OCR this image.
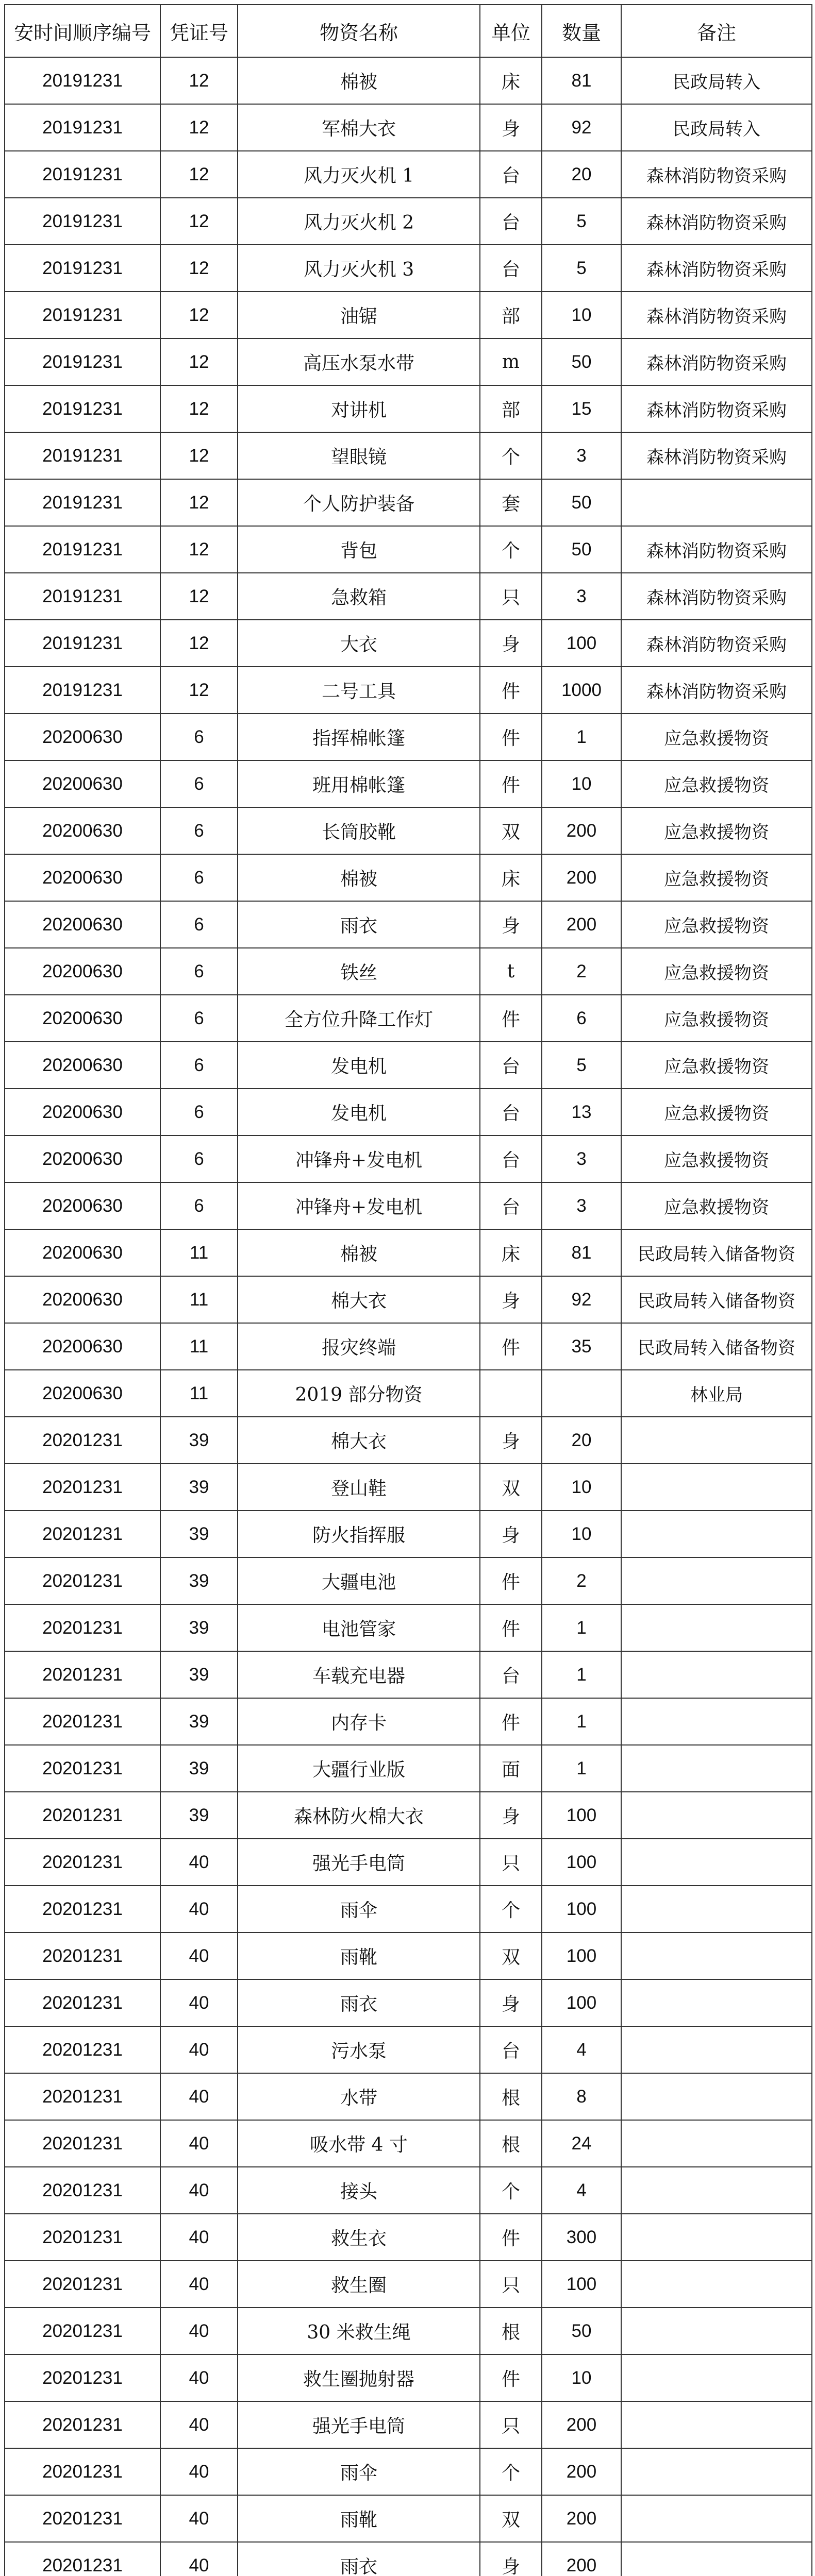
安时间顺序编号	凭证号	物资名称	单位	数量	备注
20191231	12	棉被	床	81	民政局转入
20191231	12	军棉大衣	身	92	民政局转入
20191231	12	风力灭火机 1	台	20	森林消防物资采购
20191231	12	风力灭火机 2	台	5	森林消防物资采购
20191231	12	风力灭火机 3	台	5	森林消防物资采购
20191231	12	油锯	部	10	森林消防物资采购
20191231	12	高压水泵水带	m	50	森林消防物资采购
20191231	12	对讲机	部	15	森林消防物资采购
20191231	12	望眼镜	个	3	森林消防物资采购
20191231	12	个人防护装备	套	50	
20191231	12	背包	个	50	森林消防物资采购
20191231	12	急救箱	只	3	森林消防物资采购
20191231	12	大衣	身	100	森林消防物资采购
20191231	12	二号工具	件	1000	森林消防物资采购
20200630	6	指挥棉帐篷	件	1	应急救援物资
20200630	6	班用棉帐篷	件	10	应急救援物资
20200630	6	长筒胶靴	双	200	应急救援物资
20200630	6	棉被	床	200	应急救援物资
20200630	6	雨衣	身	200	应急救援物资
20200630	6	铁丝	t	2	应急救援物资
20200630	6	全方位升降工作灯	件	6	应急救援物资
20200630	6	发电机	台	5	应急救援物资
20200630	6	发电机	台	13	应急救援物资
20200630	6	冲锋舟+发电机	台	3	应急救援物资
20200630	6	冲锋舟+发电机	台	3	应急救援物资
20200630	11	棉被	床	81	民政局转入储备物资
20200630	11	棉大衣	身	92	民政局转入储备物资
20200630	11	报灾终端	件	35	民政局转入储备物资
20200630	11	2019 部分物资			林业局
20201231	39	棉大衣	身	20	
20201231	39	登山鞋	双	10	
20201231	39	防火指挥服	身	10	
20201231	39	大疆电池	件	2	
20201231	39	电池管家	件	1	
20201231	39	车载充电器	台	1	
20201231	39	内存卡	件	1	
20201231	39	大疆行业版	面	1	
20201231	39	森林防火棉大衣	身	100	
20201231	40	强光手电筒	只	100	
20201231	40	雨伞	个	100	
20201231	40	雨靴	双	100	
20201231	40	雨衣	身	100	
20201231	40	污水泵	台	4	
20201231	40	水带	根	8	
20201231	40	吸水带 4 寸	根	24	
20201231	40	接头	个	4	
20201231	40	救生衣	件	300	
20201231	40	救生圈	只	100	
20201231	40	30 米救生绳	根	50	
20201231	40	救生圈抛射器	件	10	
20201231	40	强光手电筒	只	200	
20201231	40	雨伞	个	200	
20201231	40	雨靴	双	200	
20201231	40	雨衣	身	200	
